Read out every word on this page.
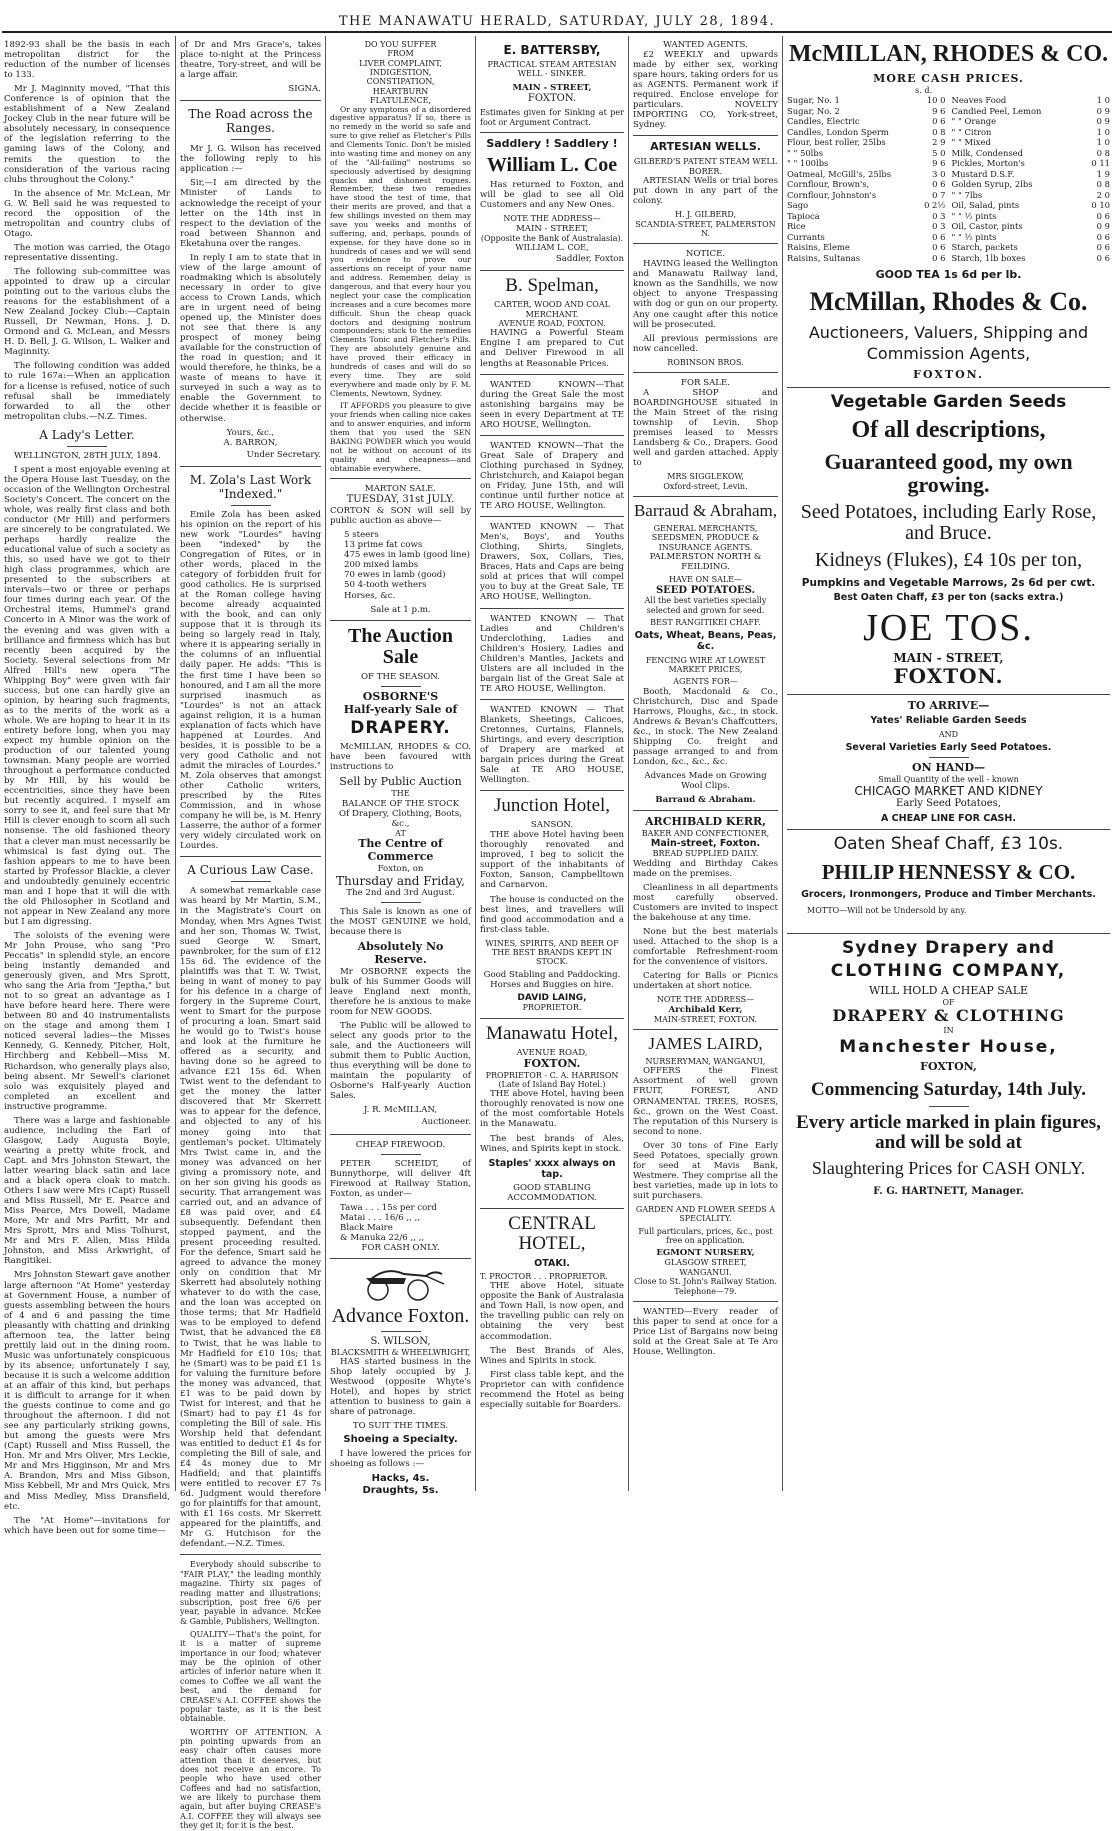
THE MANAWATU HERALD, SATURDAY, JULY 28, 1894.

1892-93 shall be the basis in each metropolitan district for the reduction of the number of licenses to 133.

Mr J. Maginnity moved, "That this Conference is of opinion that the establishment of a New Zealand Jockey Club in the near future will be absolutely necessary, in consequence of the legislation referring to the gaming laws of the Colony, and remits the question to the consideration of the various racing clubs throughout the Colony."

In the absence of Mr. McLean, Mr G. W. Bell said he was requested to record the opposition of the metropolitan and country clubs of Otago.

The motion was carried, the Otago representative dissenting.

The following sub-committee was appointed to draw up a circular pointing out to the various clubs the reasons for the establishment of a New Zealand Jockey Club:—Captain Russell, Dr Newman, Hons. J. D. Ormond and G. McLean, and Messrs H. D. Bell, J. G. Wilson, L. Walker and Maginnity.

The following condition was added to rule 167a:—When an application for a license is refused, notice of such refusal shall be immediately forwarded to all the other metropolitan clubs.—N.Z. Times.

A Lady's Letter.

WELLINGTON, 28TH JULY, 1894.

I spent a most enjoyable evening at the Opera House last Tuesday, on the occasion of the Wellington Orchestral Society's Concert. The concert on the whole, was really first class and both conductor (Mr Hill) and performers are sincerely to be congratulated. We perhaps hardly realize the educational value of such a society as this, so used have we got to their high class programmes, which are presented to the subscribers at intervals—two or three or perhaps four times during each year. Of the Orchestral items, Hummel's grand Concerto in A Minor was the work of the evening and was given with a brilliance and firmness which has but recently been acquired by the Society. Several selections from Mr Alfred Hill's new opera "The Whipping Boy" were given with fair success, but one can hardly give an opinion, by hearing such fragments, as to the merits of the work as a whole. We are hoping to hear it in its entirety before long, when you may expect my humble opinion on the production of our talented young townsman. Many people are worried throughout a performance conducted by Mr Hill, by his would be eccentricities, since they have been but recently acquired. I myself am sorry to see it, and feel sure that Mr Hill is clever enough to scorn all such nonsense. The old fashioned theory that a clever man must necessarily be whimsical is fast dying out. The fashion appears to me to have been started by Professor Blackie, a clever and undoubtedly genuinely eccentric man and I hope that it will die with the old Philosopher in Scotland and not appear in New Zealand any more but I am digressing.

The soloists of the evening were Mr John Prouse, who sang "Pro Peccatis" in splendid style, an encore being instantly demanded and generously given, and Mrs Sprott, who sang the Aria from "Jeptha," but not to so great an advantage as I have before heard here. There were between 80 and 40 instrumentalists on the stage and among them I noticed several ladies—the Misses Kennedy, G. Kennedy, Pitcher, Holt, Hirchberg and Kebbell—Miss M. Richardson, who generally plays also, being absent. Mr Sewell's clarionet solo was exquisitely played and completed an excellent and instructive programme.

There was a large and fashionable audience, including the Earl of Glasgow, Lady Augusta Boyle, wearing a pretty white frock, and Capt. and Mrs Johnston Stewart, the latter wearing black satin and lace and a black opera cloak to match. Others I saw were Mrs (Capt) Russell and Miss Russell, Mr E. Pearce and Miss Pearce, Mrs Dowell, Madame More, Mr and Mrs Parfitt, Mr and Mrs Sprott, Mrs and Miss Tolhurst, Mr and Mrs F. Allen, Miss Hilda Johnston, and Miss Arkwright, of Rangitikei.

Mrs Johnston Stewart gave another large afternoon "At Home" yesterday at Government House, a number of guests assembling between the hours of 4 and 6 and passing the time pleasantly with chatting and drinking afternoon tea, the latter being prettily laid out in the dining room. Music was unfortunately conspicuous by its absence; unfortunately I say, because it is such a welcome addition at an affair of this kind, but perhaps it is difficult to arrange for it when the guests continue to come and go throughout the afternoon. I did not see any particularly striking gowns, but among the guests were Mrs (Capt) Russell and Miss Russell, the Hon. Mr and Mrs Oliver, Mrs Leckie, Mr and Mrs Higginson, Mr and Mrs A. Brandon, Mrs and Miss Gibson, Miss Kebbell, Mr and Mrs Quick, Mrs and Miss Medley, Miss Dransfield, etc.

The "At Home"—invitations for which have been out for some time—

of Dr and Mrs Grace's, takes place to-night at the Princess theatre, Tory-street, and will be a large affair.

SIGNA.
The Road across the Ranges.

Mr J. G. Wilson has received the following reply to his application :—

Sir,—I am directed by the Minister of Lands to acknowledge the receipt of your letter on the 14th inst in respect to the deviation of the road between Shannon and Eketahuna over the ranges.

In reply I am to state that in view of the large amount of roadmaking which is absolutely necessary in order to give access to Crown Lands, which are in urgent need of being opened up, the Minister does not see that there is any prospect of money being available for the construction of the road in question; and it would therefore, he thinks, be a waste of means to have it surveyed in such a way as to enable the Government to decide whether it is feasible or otherwise.

Yours, &c.,
A. BARRON,
Under Secretary.
M. Zola's Last Work "Indexed."

Emile Zola has been asked his opinion on the report of his new work "Lourdes" having been "indexed" by the Congregation of Rites, or in other words, placed in the category of forbidden fruit for good catholics. He is surprised at the Roman college having become already acquainted with the book, and can only suppose that it is through its being so largely read in Italy, where it is appearing serially in the columns of an influential daily paper. He adds: "This is the first time I have been so honoured, and I am all the more surprised inasmuch as "Lourdes" is not an attack against religion, it is a human explanation of facts which have happened at Lourdes. And besides, it is possible to be a very good Catholic and not admit the miracles of Lourdes." M. Zola observes that amongst other Catholic writers, prescribed by the Rites Commission, and in whose company he will be, is M. Henry Lasserre, the author of a former very widely circulated work on Lourdes.

A Curious Law Case.

A somewhat remarkable case was heard by Mr Martin, S.M., in the Magistrate's Court on Monday, when Mrs Agnes Twist and her son, Thomas W. Twist, sued George W. Smart, pawnbroker, for the sum of £12 15s 6d. The evidence of the plaintiffs was that T. W. Twist, being in want of money to pay for his defence in a charge of forgery in the Supreme Court, went to Smart for the purpose of procuring a loan. Smart said he would go to Twist's house and look at the furniture he offered as a security, and having done so he agreed to advance £21 15s 6d. When Twist went to the defendant to get the money the latter discovered that Mr Skerrett was to appear for the defence, and objected to any of his money going into that gentleman's pocket. Ultimately Mrs Twist came in, and the money was advanced on her giving a promissory note, and on her son giving his goods as security. That arrangement was carried out, and an advance of £8 was paid over, and £4 subsequently. Defendant then stopped payment, and the present proceeding resulted. For the defence, Smart said he agreed to advance the money only on condition that Mr Skerrett had absolutely nothing whatever to do with the case, and the loan was accepted on those terms; that Mr Hadfield was to be employed to defend Twist, that he advanced the £8 to Twist, that he was liable to Mr Hadfield for £10 10s; that he (Smart) was to be paid £1 1s for valuing the furniture before the money was advanced, that £1 was to be paid down by Twist for interest, and that he (Smart) had to pay £1 4s for completing the Bill of sale. His Worship held that defendant was entitled to deduct £1 4s for completing the Bill of sale, and £4 4s money due to Mr Hadfield; and that plaintiffs were entitled to recover £7 7s 6d. Judgment would therefore go for plaintiffs for that amount, with £1 16s costs. Mr Skerrett appeared for the plaintiffs, and Mr G. Hutchison for the defendant.—N.Z. Times.

Everybody should subscribe to "FAIR PLAY," the leading monthly magazine. Thirty six pages of reading matter and illustrations; subscription, post free 6/6 per year, payable in advance. McKee & Gamble, Publishers, Wellington.

QUALITY—That's the point, for it is a matter of supreme importance in our food; whatever may be the opinion of other articles of inferior nature when it comes to Coffee we all want the best, and the demand for CREASE's A.I. COFFEE shows the popular taste, as it is the best obtainable.

WORTHY OF ATTENTION. A pin pointing upwards from an easy chair often causes more attention than it deserves, but does not receive an encore. To people who have used other Coffees and had no satisfaction, we are likely to purchase them again, but after buying CREASE's A.I. COFFEE they will always see they get it; for it is the best.

DO YOU SUFFER
FROM
LIVER COMPLAINT,
INDIGESTION,
CONSTIPATION,
HEARTBURN
FLATULENCE,

Or any symptoms of a disordered digestive apparatus? If so, there is no remedy in the world so safe and sure to give relief as Fletcher's Pills and Clements Tonic. Don't be misled into wasting time and money on any of the "All-failing" nostrums so speciously advertised by designing quacks and dishonest rogues. Remember, these two remedies have stood the test of time, that their merits are proved, and that a few shillings invested on them may save you weeks and months of suffering, and, perhaps, pounds of expense, for they have done so in hundreds of cases and we will send you evidence to prove our assertions on receipt of your name and address. Remember, delay is dangerous, and that every hour you neglect your case the complication increases and a cure becomes more difficult. Shun the cheap quack doctors and designing nostrum compounders; stick to the remedies Clements Tonic and Fletcher's Pills. They are absolutely genuine and have proved their efficacy in hundreds of cases and will do so every time. They are sold everywhere and made only by F. M. Clements, Newtown, Sydney.

IT AFFORDS you pleasure to give your friends when calling nice cakes and to answer enquiries, and inform them that you used the SEN BAKING POWDER which you would not be without on account of its quality and cheapness—and obtainable everywhere.

MARTON SALE.
TUESDAY, 31st JULY.

CORTON & SON will sell by public auction as above—

5 steers
13 prime fat cows
475 ewes in lamb (good line)
200 mixed lambs
70 ewes in lamb (good)
50 4-tooth wethers
Horses, &c.
Sale at 1 p.m.
The Auction Sale
OF THE SEASON.
OSBORNE'S
Half-yearly Sale of
DRAPERY.

McMILLAN, RHODES & CO. have been favoured with instructions to

Sell by Public Auction
THE
BALANCE OF THE STOCK
Of Drapery, Clothing, Boots, &c.,
AT
The Centre of Commerce
Foxton, on
Thursday and Friday,
The 2nd and 3rd August.

This Sale is known as one of the MOST GENUINE we hold, because there is

Absolutely No Reserve.

Mr OSBORNE expects the bulk of his Summer Goods will leave England next month, therefore he is anxious to make room for NEW GOODS.

The Public will be allowed to select any goods prior to the sale, and the Auctioneers will submit them to Public Auction, thus everything will be done to maintain the popularity of Osborne's Half-yearly Auction Sales.

J. R. McMILLAN,
Auctioneer.
CHEAP FIREWOOD.

PETER SCHEIDT, of Bunnythorpe, will deliver 4ft Firewood at Railway Station, Foxton, as under—

Tawa . . . 15s per cord
Matai . . . 16/6 ,, ,,
Black Maire
& Manuka 22/6 ,, ,,
FOR CASH ONLY.
Advance Foxton.
S. WILSON,
BLACKSMITH & WHEELWRIGHT,

HAS started business in the Shop lately occupied by J. Westwood (opposite Whyte's Hotel), and hopes by strict attention to business to gain a share of patronage.

TO SUIT THE TIMES.
Shoeing a Specialty.

I have lowered the prices for shoeing as follows :—

Hacks, 4s.
Draughts, 5s.
E. BATTERSBY,
PRACTICAL STEAM ARTESIAN WELL - SINKER.
MAIN - STREET,
FOXTON.

Estimates given for Sinking at per foot or Argument Contract.

Saddlery ! Saddlery !
William L. Coe

Has returned to Foxton, and will be glad to see all Old Customers and any New Ones.

NOTE THE ADDRESS—
MAIN - STREET,
(Opposite the Bank of Australasia).
WILLIAM L. COE,
Saddler, Foxton
B. Spelman,
CARTER, WOOD AND COAL MERCHANT.
AVENUE ROAD, FOXTON.

HAVING a Powerful Steam Engine I am prepared to Cut and Deliver Firewood in all lengths at Reasonable Prices.

WANTED KNOWN—That during the Great Sale the most astonishing bargains may be seen in every Department at TE ARO HOUSE, Wellington.

WANTED KNOWN—That the Great Sale of Drapery and Clothing purchased in Sydney, Christchurch, and Kaiapoi began on Friday, June 15th, and will continue until further notice at TE ARO HOUSE, Wellington.

WANTED KNOWN — That Men's, Boys', and Youths Clothing, Shirts, Singlets, Drawers, Sox, Collars, Ties, Braces, Hats and Caps are being sold at prices that will compel you to buy at the Great Sale, TE ARO HOUSE, Wellington.

WANTED KNOWN — That Ladies and Children's Underclothing, Ladies and Children's Hosiery, Ladies and Children's Mantles, Jackets and Ulsters are all included in the bargain list of the Great Sale at TE ARO HOUSE, Wellington.

WANTED KNOWN — That Blankets, Sheetings, Calicoes, Cretonnes, Curtains, Flannels, Shirtings, and every description of Drapery are marked at bargain prices during the Great Sale at TE ARO HOUSE, Wellington.

Junction Hotel,
SANSON.

THE above Hotel having been thoroughly renovated and improved, I beg to solicit the support of the inhabitants of Foxton, Sanson, Campbelltown and Carnarvon.

The house is conducted on the best lines, and travellers will find good accommodation and a first-class table.

WINES, SPIRITS, AND BEER OF THE BEST BRANDS KEPT IN STOCK.
Good Stabling and Paddocking.
Horses and Buggies on hire.
DAVID LAING,
PROPRIETOR.
Manawatu Hotel,
AVENUE ROAD,
FOXTON.
PROPRIETOR - C. A. HARRISON
(Late of Island Bay Hotel.)

THE above Hotel, having been thoroughly renovated is now one of the most comfortable Hotels in the Manawatu.

The best brands of Ales, Wines, and Spirits kept in stock.

Staples' xxxx always on tap.
GOOD STABLING ACCOMMODATION.
CENTRAL HOTEL,
OTAKI.
T. PROCTOR . . . PROPRIETOR.

THE above Hotel, situate opposite the Bank of Australasia and Town Hall, is now open, and the travelling public can rely on obtaining the very best accommodation.

The Best Brands of Ales, Wines and Spirits in stock.

First class table kept, and the Proprietor can with confidence recommend the Hotel as being especially suitable for Boarders.

WANTED AGENTS.

£2 WEEKLY and upwards made by either sex, working spare hours, taking orders for us as AGENTS. Permanent work if required. Enclose envelope for particulars. NOVELTY IMPORTING CO, York-street, Sydney.

ARTESIAN WELLS.
GILBERD'S PATENT STEAM WELL BORER.

ARTESIAN Wells or trial bores put down in any part of the colony.

H. J. GILBERD,
SCANDIA-STREET, PALMERSTON N.
NOTICE.

HAVING leased the Wellington and Manawatu Railway land, known as the Sandhills, we now object to anyone Trespassing with dog or gun on our property. Any one caught after this notice will be prosecuted.

All previous permissions are now cancelled.

ROBINSON BROS.
FOR SALE.

A SHOP and BOARDINGHOUSE situated in the Main Street of the rising township of Levin. Shop premises leased to Messrs Landsberg & Co., Drapers. Good well and garden attached. Apply to

MRS SIGGLEKOW,
Oxford-street, Levin.
Barraud & Abraham,
GENERAL MERCHANTS, SEEDSMEN, PRODUCE & INSURANCE AGENTS.
PALMERSTON NORTH & FEILDING.
HAVE ON SALE—
SEED POTATOES.
All the best varieties specially selected and grown for seed.
BEST RANGITIKEI CHAFF.
Oats, Wheat, Beans, Peas, &c.
FENCING WIRE AT LOWEST MARKET PRICES,
AGENTS FOR—

Booth, Macdonald & Co., Christchurch, Disc and Spade Harrows, Ploughs, &c., in stock. Andrews & Bevan's Chaffcutters, &c., in stock. The New Zealand Shipping Co. freight and passage arranged to and from London, &c., &c., &c.

Advances Made on Growing Wool Clips.
Barraud & Abraham.
ARCHIBALD KERR,
BAKER AND CONFECTIONER,
Main-street, Foxton.
BREAD SUPPLIED DAILY.

Wedding and Birthday Cakes made on the premises.

Cleanliness in all departments most carefully observed. Customers are invited to inspect the bakehouse at any time.

None but the best materials used. Attached to the shop is a comfortable Refreshment-room for the convenience of visitors.

Catering for Balls or Picnics undertaken at short notice.

NOTE THE ADDRESS—
Archibald Kerr,
MAIN-STREET, FOXTON.
JAMES LAIRD,
NURSERYMAN, WANGANUI,

OFFERS the Finest Assortment of well grown FRUIT, FOREST, AND ORNAMENTAL TREES, ROSES, &c., grown on the West Coast. The reputation of this Nursery is second to none.

Over 30 tons of Fine Early Seed Potatoes, specially grown for seed at Mavis Bank, Westmere. They comprise all the best varieties, made up in lots to suit purchasers.

GARDEN AND FLOWER SEEDS A SPECIALITY.
Full particulars, prices, &c., post free on application.
EGMONT NURSERY,
GLASGOW STREET,
WANGANUI.
Close to St. John's Railway Station.
Telephone—79.

WANTED—Every reader of this paper to send at once for a Price List of Bargains now being sold at the Great Sale at Te Aro House, Wellington.

McMILLAN, RHODES & CO.
MORE CASH PRICES.
s. d.
Sugar, No. 1	10 0
Sugar, No. 2	9 6
Candles, Electric	0 6
Candles, London Sperm	0 8
Flour, best roller, 25lbs	2 9
" " 50lbs	5 0
" " 100lbs	9 6
Oatmeal, McGill's, 25lbs	3 0
Cornflour, Brown's,	0 6
Cornflour, Johnston's	0 7
Sago	0 2½
Tapioca	0 3
Rice	0 3
Currants	0 6
Raisins, Eleme	0 6
Raisins, Sultanas	0 6
Neaves Food	1 0
Candied Peel, Lemon	0 9
" " Orange	0 9
" " Citron	1 0
" " Mixed	1 0
Milk, Condensed	0 8
Pickles, Morton's	0 11
Mustard D.S.F.	1 9
Golden Syrup, 2lbs	0 8
" " 7lbs	2 0
Oil, Salad, pints	0 10
" " ½ pints	0 6
Oil, Castor, pints	0 9
" " ½ pints	0 6
Starch, packets	0 6
Starch, 1lb boxes	0 6
GOOD TEA 1s 6d per lb.
McMillan, Rhodes & Co.
Auctioneers, Valuers, Shipping and Commission Agents,
FOXTON.
Vegetable Garden Seeds
Of all descriptions,
Guaranteed good, my own growing.
Seed Potatoes, including Early Rose, and Bruce.
Kidneys (Flukes), £4 10s per ton,
Pumpkins and Vegetable Marrows, 2s 6d per cwt.
Best Oaten Chaff, £3 per ton (sacks extra.)
JOE TOS.
MAIN - STREET,
FOXTON.
TO ARRIVE—
Yates' Reliable Garden Seeds
AND
Several Varieties Early Seed Potatoes.
ON HAND—
Small Quantity of the well - known
CHICAGO MARKET AND KIDNEY
Early Seed Potatoes,
A CHEAP LINE FOR CASH.
Oaten Sheaf Chaff, £3 10s.
PHILIP HENNESSY & CO.
Grocers, Ironmongers, Produce and Timber Merchants.
MOTTO—Will not be Undersold by any.
Sydney Drapery and
CLOTHING COMPANY,
WILL HOLD A CHEAP SALE
OF
DRAPERY & CLOTHING
IN
Manchester House,
FOXTON,
Commencing Saturday, 14th July.
Every article marked in plain figures, and will be sold at
Slaughtering Prices for CASH ONLY.
F. G. HARTNETT, Manager.
